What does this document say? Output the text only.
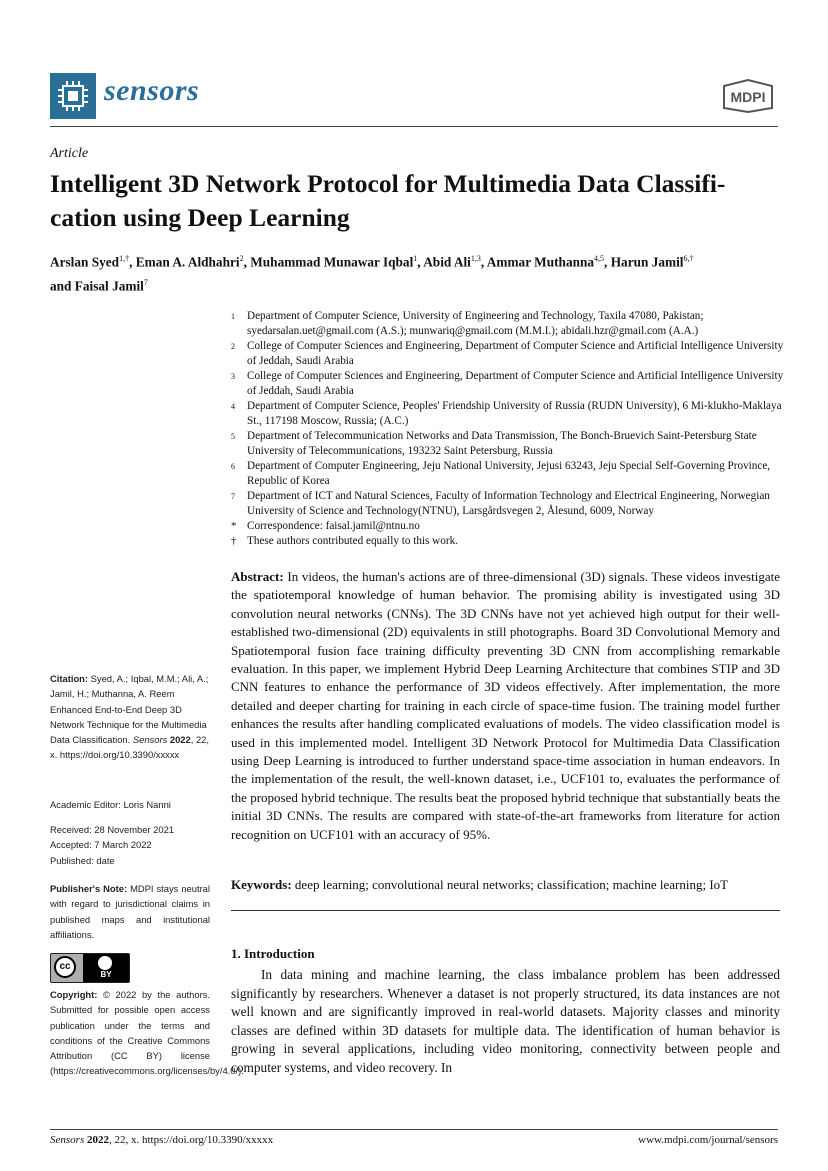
sensors	MDPI
Article
Intelligent 3D Network Protocol for Multimedia Data Classifi-
cation using Deep Learning
Arslan Syed$^{1,\dagger}$, Eman A. Aldhahri$^2$, Muhammad Munawar Iqbal$^1$, Abid Ali$^{1,3}$, Ammar Muthanna$^{4,5}$, Harun Jamil$^{6,\dagger}$
and Faisal Jamil$^7$
1 Department of Computer Science, University of Engineering and Technology, Taxila 47080, Pakistan; syedarsalan.uet@gmail.com (A.S.); munwariq@gmail.com (M.M.I.); abidali.hzr@gmail.com (A.A.)
2 College of Computer Sciences and Engineering, Department of Computer Science and Artificial Intelligence University of Jeddah, Saudi Arabia
3 College of Computer Sciences and Engineering, Department of Computer Science and Artificial Intelligence University of Jeddah, Saudi Arabia
4 Department of Computer Science, Peoples' Friendship University of Russia (RUDN University), 6 Mi-klukho-Maklaya St., 117198 Moscow, Russia; (A.C.)
5 Department of Telecommunication Networks and Data Transmission, The Bonch-Bruevich Saint-Petersburg State University of Telecommunications, 193232 Saint Petersburg, Russia
6 Department of Computer Engineering, Jeju National University, Jejusi 63243, Jeju Special Self-Governing Province, Republic of Korea
7 Department of ICT and Natural Sciences, Faculty of Information Technology and Electrical Engineering, Norwegian University of Science and Technology(NTNU), Larsgårdsvegen 2, Ålesund, 6009, Norway
* Correspondence: faisal.jamil@ntnu.no
† These authors contributed equally to this work.
Abstract: In videos, the human's actions are of three-dimensional (3D) signals. These videos investigate the spatiotemporal knowledge of human behavior. The promising ability is investigated using 3D convolution neural networks (CNNs). The 3D CNNs have not yet achieved high output for their well-established two-dimensional (2D) equivalents in still photographs. Board 3D Convolutional Memory and Spatiotemporal fusion face training difficulty preventing 3D CNN from accomplishing remarkable evaluation. In this paper, we implement Hybrid Deep Learning Architecture that combines STIP and 3D CNN features to enhance the performance of 3D videos effectively. After implementation, the more detailed and deeper charting for training in each circle of space-time fusion. The training model further enhances the results after handling complicated evaluations of models. The video classification model is used in this implemented model. Intelligent 3D Network Protocol for Multimedia Data Classification using Deep Learning is introduced to further understand space-time association in human endeavors. In the implementation of the result, the well-known dataset, i.e., UCF101 to, evaluates the performance of the proposed hybrid technique. The results beat the proposed hybrid technique that substantially beats the initial 3D CNNs. The results are compared with state-of-the-art frameworks from literature for action recognition on UCF101 with an accuracy of 95%.
Keywords: deep learning; convolutional neural networks; classification; machine learning; IoT
1. Introduction
In data mining and machine learning, the class imbalance problem has been addressed significantly by researchers. Whenever a dataset is not properly structured, its data instances are not well known and are significantly improved in real-world datasets. Majority classes and minority classes are defined within 3D datasets for multiple data. The identification of human behavior is growing in several applications, including video monitoring, connectivity between people and computer systems, and video recovery. In
Citation: Syed, A.; Iqbal, M.M.; Ali, A.; Jamil, H.; Muthanna, A. Reem Enhanced End-to-End Deep 3D Network Technique for the Multimedia Data Classification. Sensors 2022, 22, x. https://doi.org/10.3390/xxxxx
Academic Editor: Loris Nanni
Received: 28 November 2021
Accepted: 7 March 2022
Published: date
Publisher's Note: MDPI stays neutral with regard to jurisdictional claims in published maps and institutional affiliations.
cc
BY
Copyright: © 2022 by the authors. Submitted for possible open access publication under the terms and conditions of the Creative Commons Attribution (CC BY) license (https://creativecommons.org/licenses/by/4.0/).
Sensors 2022, 22, x. https://doi.org/10.3390/xxxxx	www.mdpi.com/journal/sensors
